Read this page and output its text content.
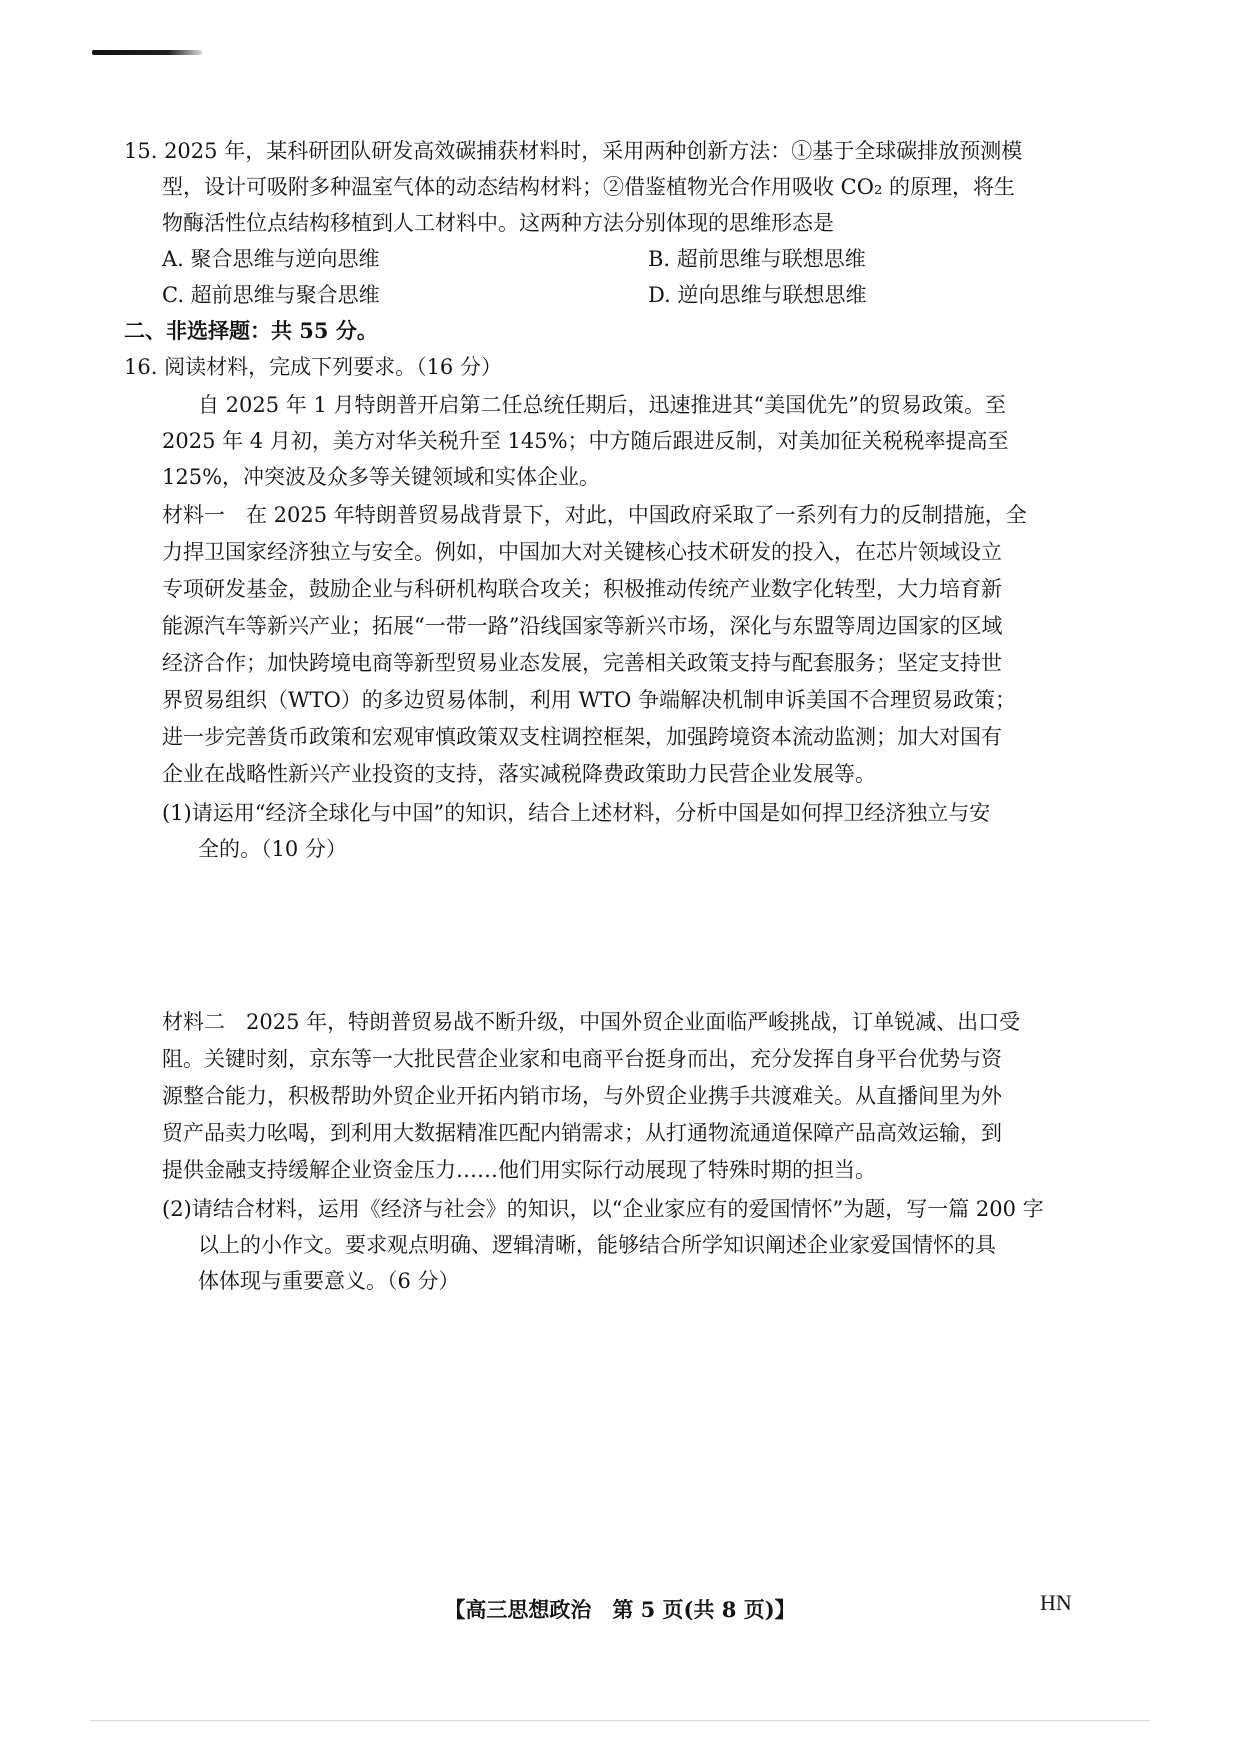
15. 2025 年，某科研团队研发高效碳捕获材料时，采用两种创新方法：①基于全球碳排放预测模
型，设计可吸附多种温室气体的动态结构材料；②借鉴植物光合作用吸收 CO₂ 的原理，将生
物酶活性位点结构移植到人工材料中。这两种方法分别体现的思维形态是
A. 聚合思维与逆向思维	B. 超前思维与联想思维
C. 超前思维与聚合思维	D. 逆向思维与联想思维
二、非选择题：共 55 分。
16. 阅读材料，完成下列要求。（16 分）
自 2025 年 1 月特朗普开启第二任总统任期后，迅速推进其“美国优先”的贸易政策。至
2025 年 4 月初，美方对华关税升至 145%；中方随后跟进反制，对美加征关税税率提高至
125%，冲突波及众多等关键领域和实体企业。
材料一　在 2025 年特朗普贸易战背景下，对此，中国政府采取了一系列有力的反制措施，全
力捍卫国家经济独立与安全。例如，中国加大对关键核心技术研发的投入，在芯片领域设立
专项研发基金，鼓励企业与科研机构联合攻关；积极推动传统产业数字化转型，大力培育新
能源汽车等新兴产业；拓展“一带一路”沿线国家等新兴市场，深化与东盟等周边国家的区域
经济合作；加快跨境电商等新型贸易业态发展，完善相关政策支持与配套服务；坚定支持世
界贸易组织（WTO）的多边贸易体制，利用 WTO 争端解决机制申诉美国不合理贸易政策；
进一步完善货币政策和宏观审慎政策双支柱调控框架，加强跨境资本流动监测；加大对国有
企业在战略性新兴产业投资的支持，落实减税降费政策助力民营企业发展等。
(1)请运用“经济全球化与中国”的知识，结合上述材料，分析中国是如何捍卫经济独立与安
全的。（10 分）
材料二　2025 年，特朗普贸易战不断升级，中国外贸企业面临严峻挑战，订单锐减、出口受
阻。关键时刻，京东等一大批民营企业家和电商平台挺身而出，充分发挥自身平台优势与资
源整合能力，积极帮助外贸企业开拓内销市场，与外贸企业携手共渡难关。从直播间里为外
贸产品卖力吆喝，到利用大数据精准匹配内销需求；从打通物流通道保障产品高效运输，到
提供金融支持缓解企业资金压力……他们用实际行动展现了特殊时期的担当。
(2)请结合材料，运用《经济与社会》的知识，以“企业家应有的爱国情怀”为题，写一篇 200 字
以上的小作文。要求观点明确、逻辑清晰，能够结合所学知识阐述企业家爱国情怀的具
体体现与重要意义。（6 分）
【高三思想政治　第 5 页(共 8 页)】	HN
